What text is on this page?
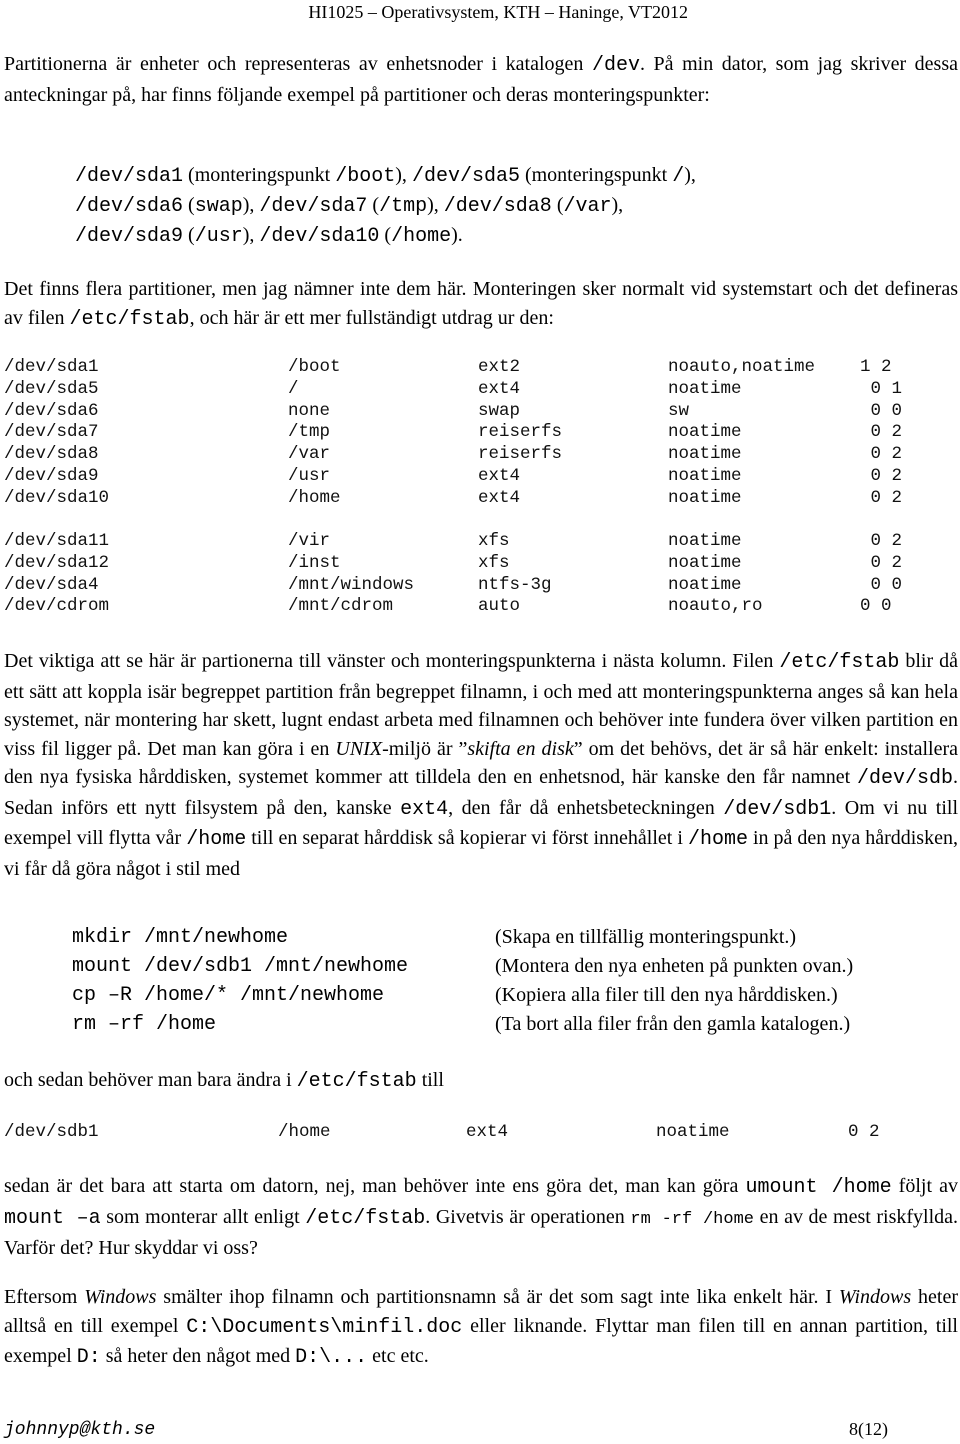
HI1025 – Operativsystem, KTH – Haninge, VT2012

Partitionerna är enheter och representeras av enhetsnoder i katalogen /dev. På min dator, som jag skriver dessa anteckningar på, har finns följande exempel på partitioner och deras monteringspunkter:

/dev/sda1 (monteringspunkt /boot), /dev/sda5 (monteringspunkt /),
/dev/sda6 (swap), /dev/sda7 (/tmp), /dev/sda8 (/var),
/dev/sda9 (/usr), /dev/sda10 (/home).

Det finns flera partitioner, men jag nämner inte dem här. Monteringen sker normalt vid systemstart och det defineras av filen /etc/fstab, och här är ett mer fullständigt utdrag ur den:

/dev/sda1	/boot	ext2	noauto,noatime	1 2
/dev/sda5	/	ext4	noatime	0 1
/dev/sda6	none	swap	sw	0 0
/dev/sda7	/tmp	reiserfs	noatime	0 2
/dev/sda8	/var	reiserfs	noatime	0 2
/dev/sda9	/usr	ext4	noatime	0 2
/dev/sda10	/home	ext4	noatime	0 2
/dev/sda11	/vir	xfs	noatime	0 2
/dev/sda12	/inst	xfs	noatime	0 2
/dev/sda4	/mnt/windows	ntfs-3g	noatime	0 0
/dev/cdrom	/mnt/cdrom	auto	noauto,ro	0 0

Det viktiga att se här är partionerna till vänster och monteringspunkterna i nästa kolumn. Filen /etc/fstab blir då ett sätt att koppla isär begreppet partition från begreppet filnamn, i och med att monteringspunkterna anges så kan hela systemet, när montering har skett, lugnt endast arbeta med filnamnen och behöver inte fundera över vilken partition en viss fil ligger på. Det man kan göra i en UNIX-miljö är ”skifta en disk” om det behövs, det är så här enkelt: installera den nya fysiska hårddisken, systemet kommer att tilldela den en enhetsnod, här kanske den får namnet /dev/sdb. Sedan införs ett nytt filsystem på den, kanske ext4, den får då enhetsbeteckningen /dev/sdb1. Om vi nu till exempel vill flytta vår /home till en separat hårddisk så kopierar vi först innehållet i /home in på den nya hårddisken, vi får då göra något i stil med

mkdir /mnt/newhome	(Skapa en tillfällig monteringspunkt.)
mount /dev/sdb1 /mnt/newhome	(Montera den nya enheten på punkten ovan.)
cp –R /home/* /mnt/newhome	(Kopiera alla filer till den nya hårddisken.)
rm –rf /home	(Ta bort alla filer från den gamla katalogen.)

och sedan behöver man bara ändra i /etc/fstab till

/dev/sdb1	/home	ext4	noatime	0 2

sedan är det bara att starta om datorn, nej, man behöver inte ens göra det, man kan göra umount /home följt av mount –a som monterar allt enligt /etc/fstab. Givetvis är operationen rm -rf /home en av de mest riskfyllda. Varför det? Hur skyddar vi oss?

Eftersom Windows smälter ihop filnamn och partitionsnamn så är det som sagt inte lika enkelt här. I Windows heter alltså en till exempel C:\Documents\minfil.doc eller liknande. Flyttar man filen till en annan partition, till exempel D: så heter den något med D:\... etc etc.

johnnyp@kth.se	8(12)
